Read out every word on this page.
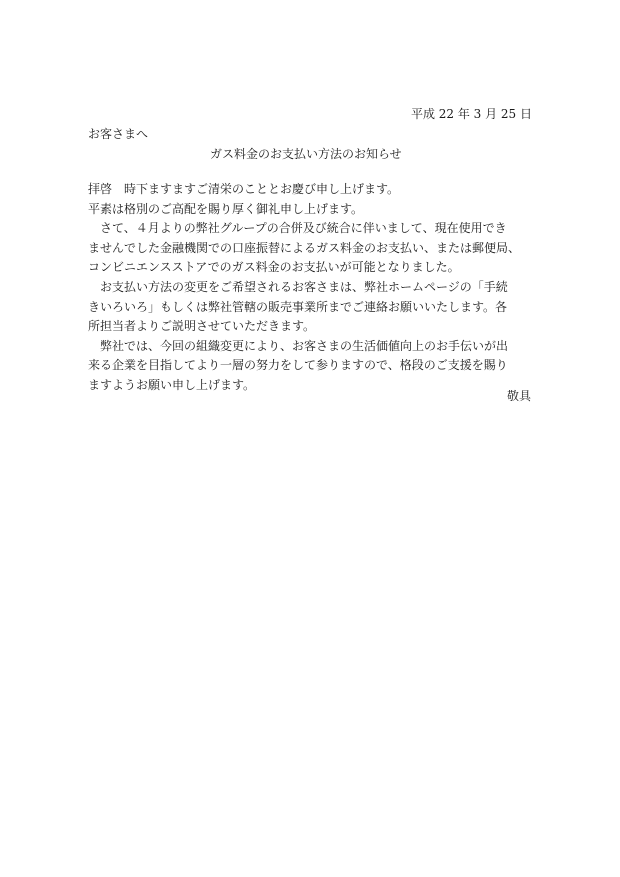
平成 22 年 3 月 25 日
お客さまへ
ガス料金のお支払い方法のお知らせ
拝啓　時下ますますご清栄のこととお慶び申し上げます。
平素は格別のご高配を賜り厚く御礼申し上げます。
　さて、４月よりの弊社グループの合併及び統合に伴いまして、現在使用でき
ませんでした金融機関での口座振替によるガス料金のお支払い、または郵便局、
コンビニエンスストアでのガス料金のお支払いが可能となりました。
　お支払い方法の変更をご希望されるお客さまは、弊社ホームページの「手続
きいろいろ」もしくは弊社管轄の販売事業所までご連絡お願いいたします。各
所担当者よりご説明させていただきます。
　弊社では、今回の組織変更により、お客さまの生活価値向上のお手伝いが出
来る企業を目指してより一層の努力をして参りますので、格段のご支援を賜り
ますようお願い申し上げます。
敬具
